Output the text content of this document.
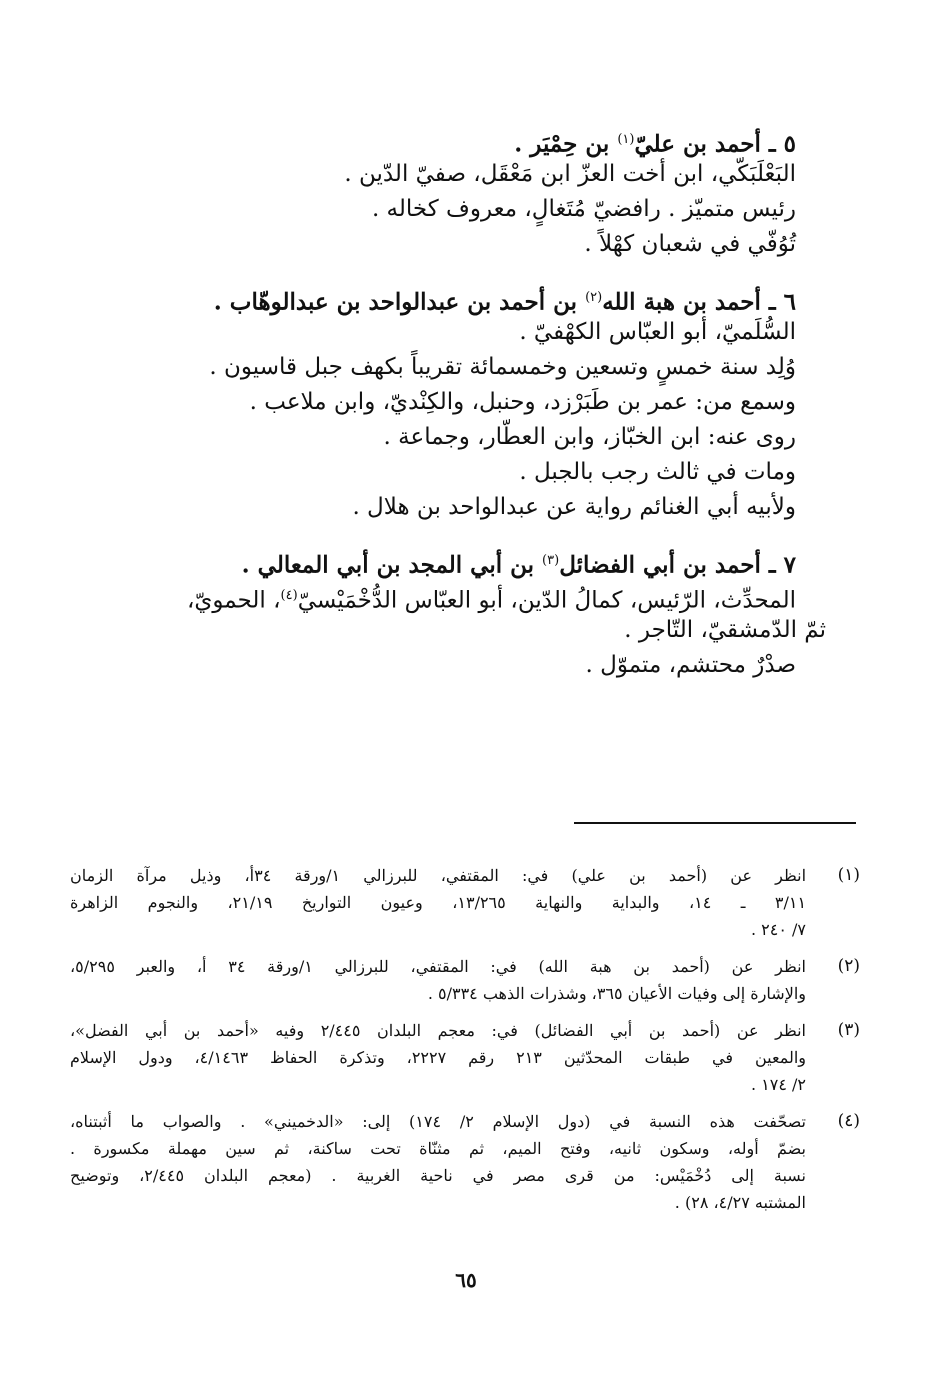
٥ ـ أحمد بن عليّ$^{(١)}$ بن حِمْيَر .
البَعْلَبَكّي، ابن أخت العزّ ابن مَعْقَل، صفيّ الدّين .
رئيس متميّز . رافضيّ مُتَغالٍ، معروف كخاله .
تُوُفّي في شعبان كهْلاً .
٦ ـ أحمد بن هبة الله$^{(٢)}$ بن أحمد بن عبدالواحد بن عبدالوهّاب .
السُّلَميّ، أبو العبّاس الكهْفيّ .
وُلِد سنة خمسٍ وتسعين وخمسمائة تقريباً بكهف جبل قاسيون .
وسمع من: عمر بن طَبَرْزد، وحنبل، والكِنْديّ، وابن ملاعب .
روى عنه: ابن الخبّاز، وابن العطّار، وجماعة .
ومات في ثالث رجب بالجبل .
ولأبيه أبي الغنائم رواية عن عبدالواحد بن هلال .
٧ ـ أحمد بن أبي الفضائل$^{(٣)}$ بن أبي المجد بن أبي المعالي .
المحدِّث، الرّئيس، كمالُ الدّين، أبو العبّاس الدُّخْمَيْسيّ$^{(٤)}$، الحمويّ،
ثمّ الدّمشقيّ، التّاجر .
صدْرٌ محتشم، متموّل .
(١)
انظر عن (أحمد بن علي) في: المقتفي، للبرزالي ١/ورقة ٣٤أ، وذيل مرآة الزمان
٣/١١ ـ ١٤، والبداية والنهاية ١٣/٢٦٥، وعيون التواريخ ٢١/١٩، والنجوم الزاهرة
٧/ ٢٤٠ .
(٢)
انظر عن (أحمد بن هبة الله) في: المقتفي، للبرزالي ١/ورقة ٣٤ أ، والعبر ٥/٢٩٥،
والإشارة إلى وفيات الأعيان ٣٦٥، وشذرات الذهب ٥/٣٣٤ .
(٣)
انظر عن (أحمد بن أبي الفضائل) في: معجم البلدان ٢/٤٤٥ وفيه «أحمد بن أبي الفضل»،
والمعين في طبقات المحدّثين ٢١٣ رقم ٢٢٢٧، وتذكرة الحفاظ ٤/١٤٦٣، ودول الإسلام
٢/ ١٧٤ .
(٤)
تصحّفت هذه النسبة في (دول الإسلام ٢/ ١٧٤) إلى: «الدخميني» . والصواب ما أثبتناه،
بضمّ أوله، وسكون ثانيه، وفتح الميم، ثم مثنّاة تحت ساكنة، ثم سين مهملة مكسورة .
نسبة إلى دُخْمَيْس: من قرى مصر في ناحية الغربية . (معجم البلدان ٢/٤٤٥، وتوضيح
المشتبه ٤/٢٧، ٢٨) .
٦٥
